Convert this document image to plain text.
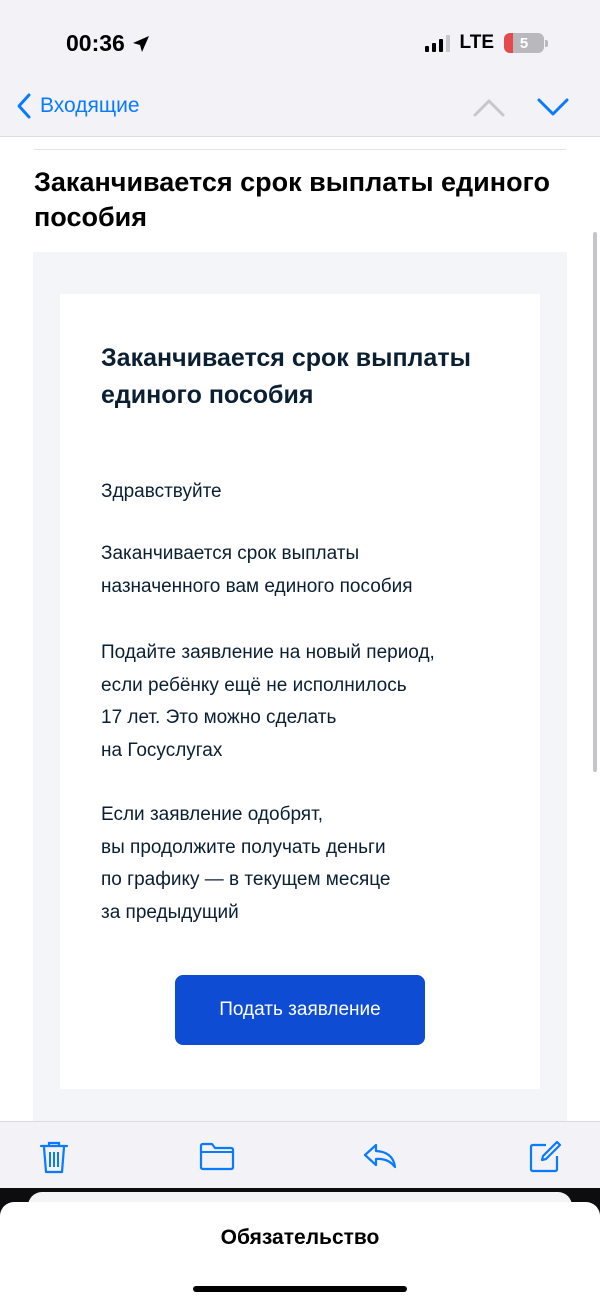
00:36	LTE	5
Входящие
Заканчивается срок выплаты единого пособия
Заканчивается срок выплаты единого пособия
Здравствуйте
Заканчивается срок выплаты
назначенного вам единого пособия
Подайте заявление на новый период,
если ребёнку ещё не исполнилось
17 лет. Это можно сделать
на Госуслугах
Если заявление одобрят,
вы продолжите получать деньги
по графику — в текущем месяце
за предыдущий
Подать заявление
Обязательство
